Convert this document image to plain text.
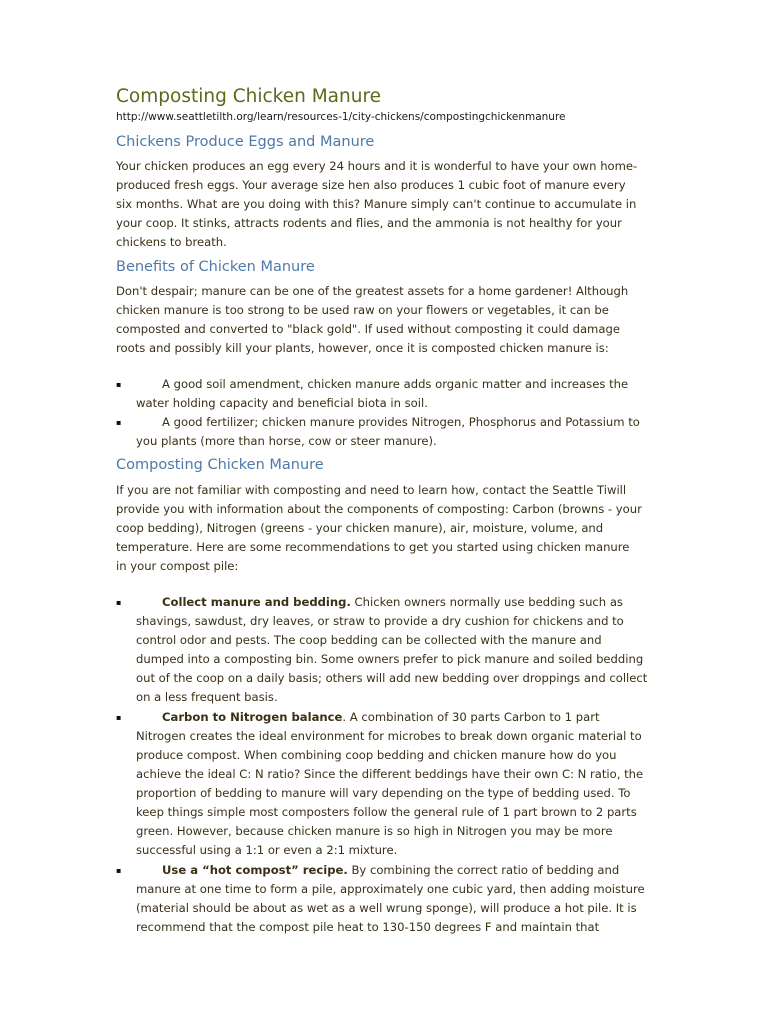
Composting Chicken Manure
http://www.seattletilth.org/learn/resources-1/city-chickens/compostingchickenmanure
Chickens Produce Eggs and Manure

Your chicken produces an egg every 24 hours and it is wonderful to have your own home-
produced fresh eggs. Your average size hen also produces 1 cubic foot of manure every
six months. What are you doing with this? Manure simply can't continue to accumulate in
your coop. It stinks, attracts rodents and flies, and the ammonia is not healthy for your
chickens to breath.

Benefits of Chicken Manure

Don't despair; manure can be one of the greatest assets for a home gardener! Although
chicken manure is too strong to be used raw on your flowers or vegetables, it can be
composted and converted to "black gold". If used without composting it could damage
roots and possibly kill your plants, however, once it is composted chicken manure is:

▪	A good soil amendment, chicken manure adds organic matter and increases the
water holding capacity and beneficial biota in soil.
▪	A good fertilizer; chicken manure provides Nitrogen, Phosphorus and Potassium to
you plants (more than horse, cow or steer manure).
Composting Chicken Manure

If you are not familiar with composting and need to learn how, contact the Seattle Tiwill
provide you with information about the components of composting: Carbon (browns - your
coop bedding), Nitrogen (greens - your chicken manure), air, moisture, volume, and
temperature. Here are some recommendations to get you started using chicken manure
in your compost pile:

▪	Collect manure and bedding. Chicken owners normally use bedding such as
shavings, sawdust, dry leaves, or straw to provide a dry cushion for chickens and to
control odor and pests. The coop bedding can be collected with the manure and
dumped into a composting bin. Some owners prefer to pick manure and soiled bedding
out of the coop on a daily basis; others will add new bedding over droppings and collect
on a less frequent basis.
▪	Carbon to Nitrogen balance. A combination of 30 parts Carbon to 1 part
Nitrogen creates the ideal environment for microbes to break down organic material to
produce compost. When combining coop bedding and chicken manure how do you
achieve the ideal C: N ratio? Since the different beddings have their own C: N ratio, the
proportion of bedding to manure will vary depending on the type of bedding used. To
keep things simple most composters follow the general rule of 1 part brown to 2 parts
green. However, because chicken manure is so high in Nitrogen you may be more
successful using a 1:1 or even a 2:1 mixture.
▪	Use a “hot compost” recipe. By combining the correct ratio of bedding and
manure at one time to form a pile, approximately one cubic yard, then adding moisture
(material should be about as wet as a well wrung sponge), will produce a hot pile. It is
recommend that the compost pile heat to 130-150 degrees F and maintain that
